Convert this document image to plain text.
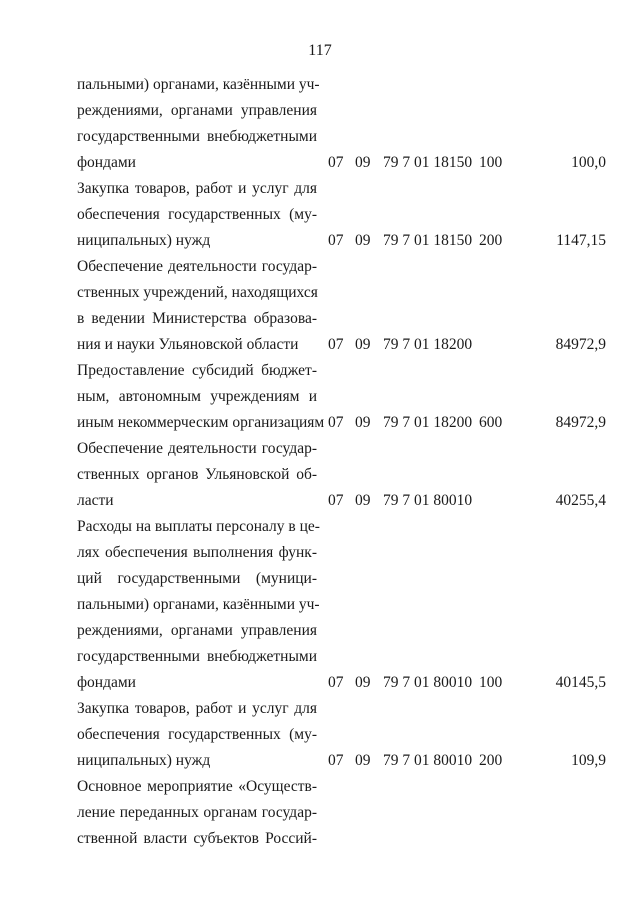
117
пальными) органами, казёнными уч-
реждениями, органами управления
государственными внебюджетными
фондами	07 09 79 7 01 18150 100	100,0
Закупка товаров, работ и услуг для
обеспечения государственных (му-
ниципальных) нужд	07 09 79 7 01 18150 200	1147,15
Обеспечение деятельности государ-
ственных учреждений, находящихся
в ведении Министерства образова-
ния и науки Ульяновской области	07 09 79 7 01 18200	84972,9
Предоставление субсидий бюджет-
ным, автономным учреждениям и
иным некоммерческим организациям 07 09 79 7 01 18200 600	84972,9
Обеспечение деятельности государ-
ственных органов Ульяновской об-
ласти	07 09 79 7 01 80010	40255,4
Расходы на выплаты персоналу в це-
лях обеспечения выполнения функ-
ций государственными (муници-
пальными) органами, казёнными уч-
реждениями, органами управления
государственными внебюджетными
фондами	07 09 79 7 01 80010 100	40145,5
Закупка товаров, работ и услуг для
обеспечения государственных (му-
ниципальных) нужд	07 09 79 7 01 80010 200	109,9
Основное мероприятие «Осуществ-
ление переданных органам государ-
ственной власти субъектов Россий-
